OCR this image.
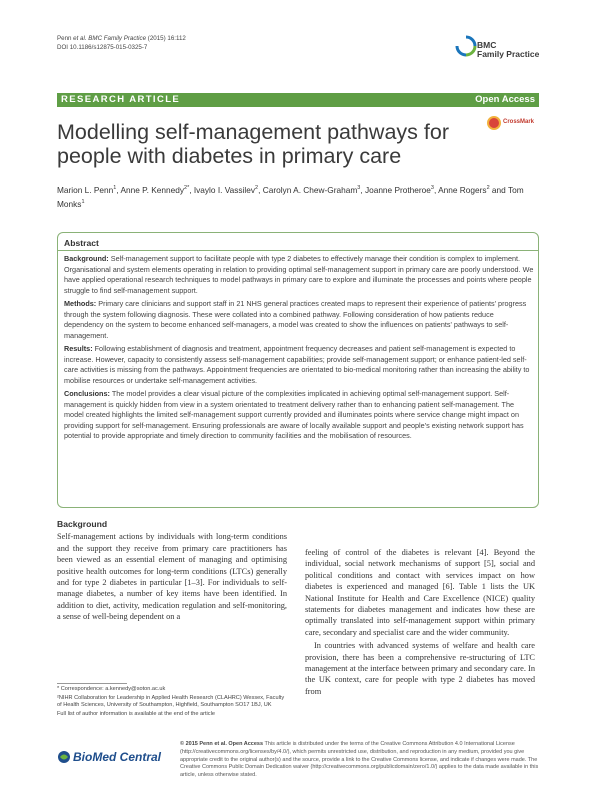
Penn et al. BMC Family Practice (2015) 16:112
DOI 10.1186/s12875-015-0325-7	BMC
Family Practice
RESEARCH ARTICLE	Open Access
Modelling self-management pathways for people with diabetes in primary care
CrossMark
Marion L. Penn$^1$, Anne P. Kennedy$^{2*}$, Ivaylo I. Vassilev$^2$, Carolyn A. Chew-Graham$^3$, Joanne Protheroe$^3$, Anne Rogers$^2$ and Tom Monks$^1$
Abstract

Background: Self-management support to facilitate people with type 2 diabetes to effectively manage their condition is complex to implement. Organisational and system elements operating in relation to providing optimal self-management support in primary care are poorly understood. We have applied operational research techniques to model pathways in primary care to explore and illuminate the processes and points where people struggle to find self-management support.

Methods: Primary care clinicians and support staff in 21 NHS general practices created maps to represent their experience of patients' progress through the system following diagnosis. These were collated into a combined pathway. Following consideration of how patients reduce dependency on the system to become enhanced self-managers, a model was created to show the influences on patients' pathways to self-management.

Results: Following establishment of diagnosis and treatment, appointment frequency decreases and patient self-management is expected to increase. However, capacity to consistently assess self-management capabilities; provide self-management support; or enhance patient-led self-care activities is missing from the pathways. Appointment frequencies are orientated to bio-medical monitoring rather than increasing the ability to mobilise resources or undertake self-management activities.

Conclusions: The model provides a clear visual picture of the complexities implicated in achieving optimal self-management support. Self-management is quickly hidden from view in a system orientated to treatment delivery rather than to enhancing patient self-management. The model created highlights the limited self-management support currently provided and illuminates points where service change might impact on providing support for self-management. Ensuring professionals are aware of locally available support and people's existing network support has potential to provide appropriate and timely direction to community facilities and the mobilisation of resources.

Background

Self-management actions by individuals with long-term conditions and the support they receive from primary care practitioners has been viewed as an essential element of managing and optimising positive health outcomes for long-term conditions (LTCs) generally and for type 2 diabetes in particular [1–3]. For individuals to self-manage diabetes, a number of key items have been identified. In addition to diet, activity, medication regulation and self-monitoring, a sense of well-being dependent on a

feeling of control of the diabetes is relevant [4]. Beyond the individual, social network mechanisms of support [5], social and political conditions and contact with services impact on how diabetes is experienced and managed [6]. Table 1 lists the UK National Institute for Health and Care Excellence (NICE) quality statements for diabetes management and indicates how these are optimally translated into self-management support within primary care, secondary and specialist care and the wider community.

In countries with advanced systems of welfare and health care provision, there has been a comprehensive re-structuring of LTC management at the interface between primary and secondary care. In the UK context, care for people with type 2 diabetes has moved from

* Correspondence: a.kennedy@soton.ac.uk

²NIHR Collaboration for Leadership in Applied Health Research (CLAHRC) Wessex, Faculty of Health Sciences, University of Southampton, Highfield, Southampton SO17 1BJ, UK

Full list of author information is available at the end of the article

BioMed Central
© 2015 Penn et al. Open Access This article is distributed under the terms of the Creative Commons Attribution 4.0 International License (http://creativecommons.org/licenses/by/4.0/), which permits unrestricted use, distribution, and reproduction in any medium, provided you give appropriate credit to the original author(s) and the source, provide a link to the Creative Commons license, and indicate if changes were made. The Creative Commons Public Domain Dedication waiver (http://creativecommons.org/publicdomain/zero/1.0/) applies to the data made available in this article, unless otherwise stated.
